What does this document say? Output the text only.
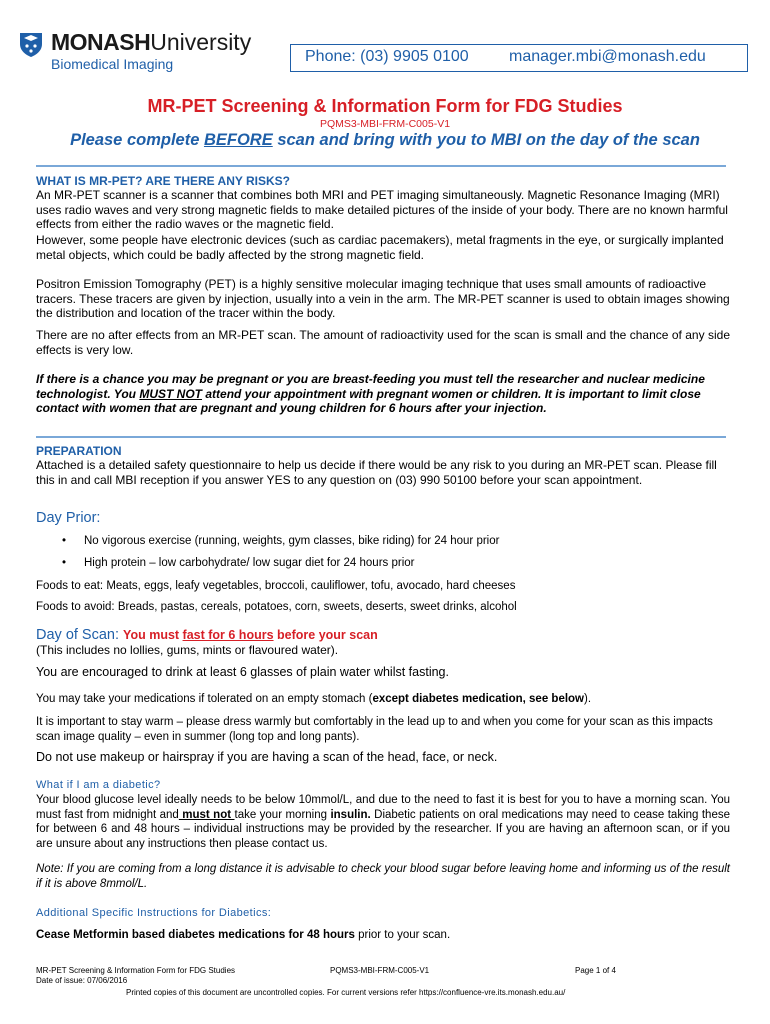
MONASHUniversity
Biomedical Imaging	Phone: (03) 9905 0100	manager.mbi@monash.edu
MR-PET Screening & Information Form for FDG Studies
PQMS3-MBI-FRM-C005-V1
Please complete BEFORE scan and bring with you to MBI on the day of the scan
WHAT IS MR-PET? ARE THERE ANY RISKS?

An MR-PET scanner is a scanner that combines both MRI and PET imaging simultaneously. Magnetic Resonance Imaging (MRI) uses radio waves and very strong magnetic fields to make detailed pictures of the inside of your body. There are no known harmful effects from either the radio waves or the magnetic field.

However, some people have electronic devices (such as cardiac pacemakers), metal fragments in the eye, or surgically implanted metal objects, which could be badly affected by the strong magnetic field.

Positron Emission Tomography (PET) is a highly sensitive molecular imaging technique that uses small amounts of radioactive tracers. These tracers are given by injection, usually into a vein in the arm. The MR-PET scanner is used to obtain images showing the distribution and location of the tracer within the body.

There are no after effects from an MR-PET scan. The amount of radioactivity used for the scan is small and the chance of any side effects is very low.

If there is a chance you may be pregnant or you are breast-feeding you must tell the researcher and nuclear medicine technologist. You MUST NOT attend your appointment with pregnant women or children. It is important to limit close contact with women that are pregnant and young children for 6 hours after your injection.

PREPARATION

Attached is a detailed safety questionnaire to help us decide if there would be any risk to you during an MR-PET scan. Please fill this in and call MBI reception if you answer YES to any question on (03) 990 50100 before your scan appointment.

Day Prior:
• No vigorous exercise (running, weights, gym classes, bike riding) for 24 hour prior
• High protein – low carbohydrate/ low sugar diet for 24 hours prior

Foods to eat: Meats, eggs, leafy vegetables, broccoli, cauliflower, tofu, avocado, hard cheeses

Foods to avoid: Breads, pastas, cereals, potatoes, corn, sweets, deserts, sweet drinks, alcohol

Day of Scan: You must fast for 6 hours before your scan

(This includes no lollies, gums, mints or flavoured water).

You are encouraged to drink at least 6 glasses of plain water whilst fasting.

You may take your medications if tolerated on an empty stomach (except diabetes medication, see below).

It is important to stay warm – please dress warmly but comfortably in the lead up to and when you come for your scan as this impacts scan image quality – even in summer (long top and long pants).

Do not use makeup or hairspray if you are having a scan of the head, face, or neck.

What if I am a diabetic?

Your blood glucose level ideally needs to be below 10mmol/L, and due to the need to fast it is best for you to have a morning scan. You must fast from midnight and must not take your morning insulin. Diabetic patients on oral medications may need to cease taking these for between 6 and 48 hours – individual instructions may be provided by the researcher. If you are having an afternoon scan, or if you are unsure about any instructions then please contact us.

Note: If you are coming from a long distance it is advisable to check your blood sugar before leaving home and informing us of the result if it is above 8mmol/L.

Additional Specific Instructions for Diabetics:

Cease Metformin based diabetes medications for 48 hours prior to your scan.

MR-PET Screening & Information Form for FDG Studies
Date of issue: 07/06/2016
PQMS3-MBI-FRM-C005-V1	Page 1 of 4
Printed copies of this document are uncontrolled copies. For current versions refer https://confluence-vre.its.monash.edu.au/
